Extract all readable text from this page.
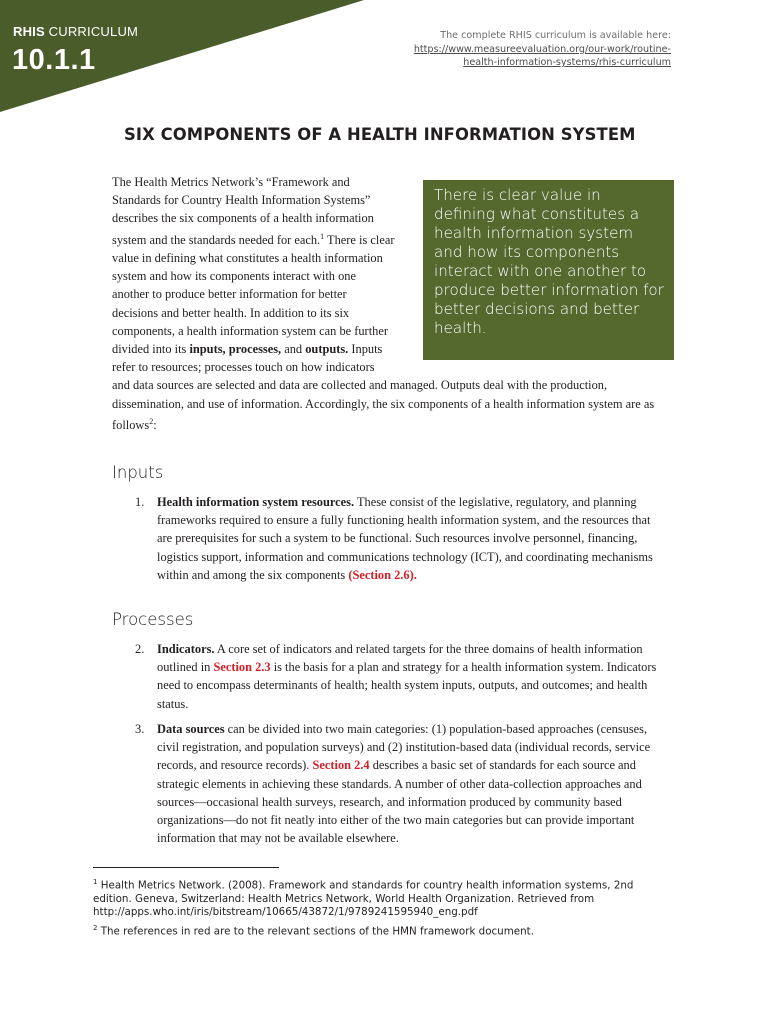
RHIS CURRICULUM
10.1.1
The complete RHIS curriculum is available here:
https://www.measureevaluation.org/our-work/routine-
health-information-systems/rhis-curriculum
SIX COMPONENTS OF A HEALTH INFORMATION SYSTEM
The Health Metrics Network’s “Framework and Standards for Country Health Information Systems” describes the six components of a health information system and the standards needed for each.$^1$ There is clear value in defining what constitutes a health information system and how its components interact with one another to produce better information for better decisions and better health. In addition to its six components, a health information system can be further divided into its inputs, processes, and outputs. Inputs refer to resources; processes touch on how indicators and data sources are selected and data are collected and managed. Outputs deal with the production, dissemination, and use of information. Accordingly, the six components of a health information system are as follows$^2$:
There is clear value in defining what constitutes a health information system and how its components interact with one another to produce better information for better decisions and better health.
Inputs
1. Health information system resources. These consist of the legislative, regulatory, and planning frameworks required to ensure a fully functioning health information system, and the resources that are prerequisites for such a system to be functional. Such resources involve personnel, financing, logistics support, information and communications technology (ICT), and coordinating mechanisms within and among the six components (Section 2.6).
Processes
2. Indicators. A core set of indicators and related targets for the three domains of health information outlined in Section 2.3 is the basis for a plan and strategy for a health information system. Indicators need to encompass determinants of health; health system inputs, outputs, and outcomes; and health status.
3. Data sources can be divided into two main categories: (1) population-based approaches (censuses, civil registration, and population surveys) and (2) institution-based data (individual records, service records, and resource records). Section 2.4 describes a basic set of standards for each source and strategic elements in achieving these standards. A number of other data-collection approaches and sources—occasional health surveys, research, and information produced by community based organizations—do not fit neatly into either of the two main categories but can provide important information that may not be available elsewhere.
$^1$ Health Metrics Network. (2008). Framework and standards for country health information systems, 2nd edition. Geneva, Switzerland: Health Metrics Network, World Health Organization. Retrieved from http://apps.who.int/iris/bitstream/10665/43872/1/9789241595940_eng.pdf
$^2$ The references in red are to the relevant sections of the HMN framework document.
